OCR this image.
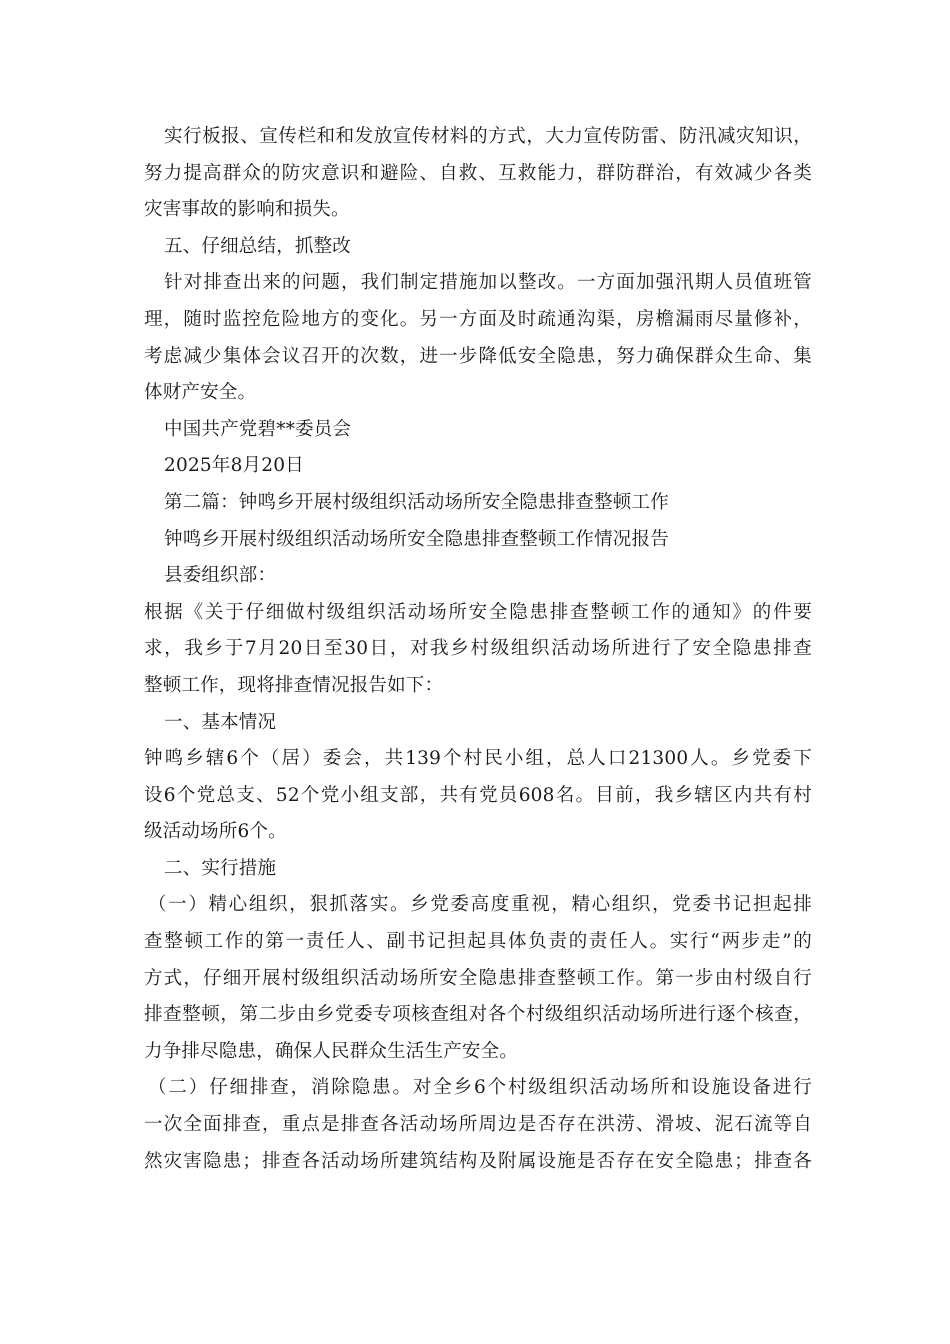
实行板报、宣传栏和和发放宣传材料的方式，大力宣传防雷、防汛减灾知识，
努力提高群众的防灾意识和避险、自救、互救能力，群防群治，有效减少各类
灾害事故的影响和损失。
五、仔细总结，抓整改
针对排查出来的问题，我们制定措施加以整改。一方面加强汛期人员值班管
理，随时监控危险地方的变化。另一方面及时疏通沟渠，房檐漏雨尽量修补，
考虑减少集体会议召开的次数，进一步降低安全隐患，努力确保群众生命、集
体财产安全。
中国共产党碧**委员会
2025年8月20日
第二篇：钟鸣乡开展村级组织活动场所安全隐患排查整顿工作
钟鸣乡开展村级组织活动场所安全隐患排查整顿工作情况报告
县委组织部：
根据《关于仔细做村级组织活动场所安全隐患排查整顿工作的通知》的件要
求，我乡于7月20日至30日，对我乡村级组织活动场所进行了安全隐患排查
整顿工作，现将排查情况报告如下：
一、基本情况
钟鸣乡辖6个（居）委会，共139个村民小组，总人口21300人。乡党委下
设6个党总支、52个党小组支部，共有党员608名。目前，我乡辖区内共有村
级活动场所6个。
二、实行措施
（一）精心组织，狠抓落实。乡党委高度重视，精心组织，党委书记担起排
查整顿工作的第一责任人、副书记担起具体负责的责任人。实行“两步走”的
方式，仔细开展村级组织活动场所安全隐患排查整顿工作。第一步由村级自行
排查整顿，第二步由乡党委专项核查组对各个村级组织活动场所进行逐个核查，
力争排尽隐患，确保人民群众生活生产安全。
（二）仔细排查，消除隐患。对全乡6个村级组织活动场所和设施设备进行
一次全面排查，重点是排查各活动场所周边是否存在洪涝、滑坡、泥石流等自
然灾害隐患；排查各活动场所建筑结构及附属设施是否存在安全隐患；排查各
